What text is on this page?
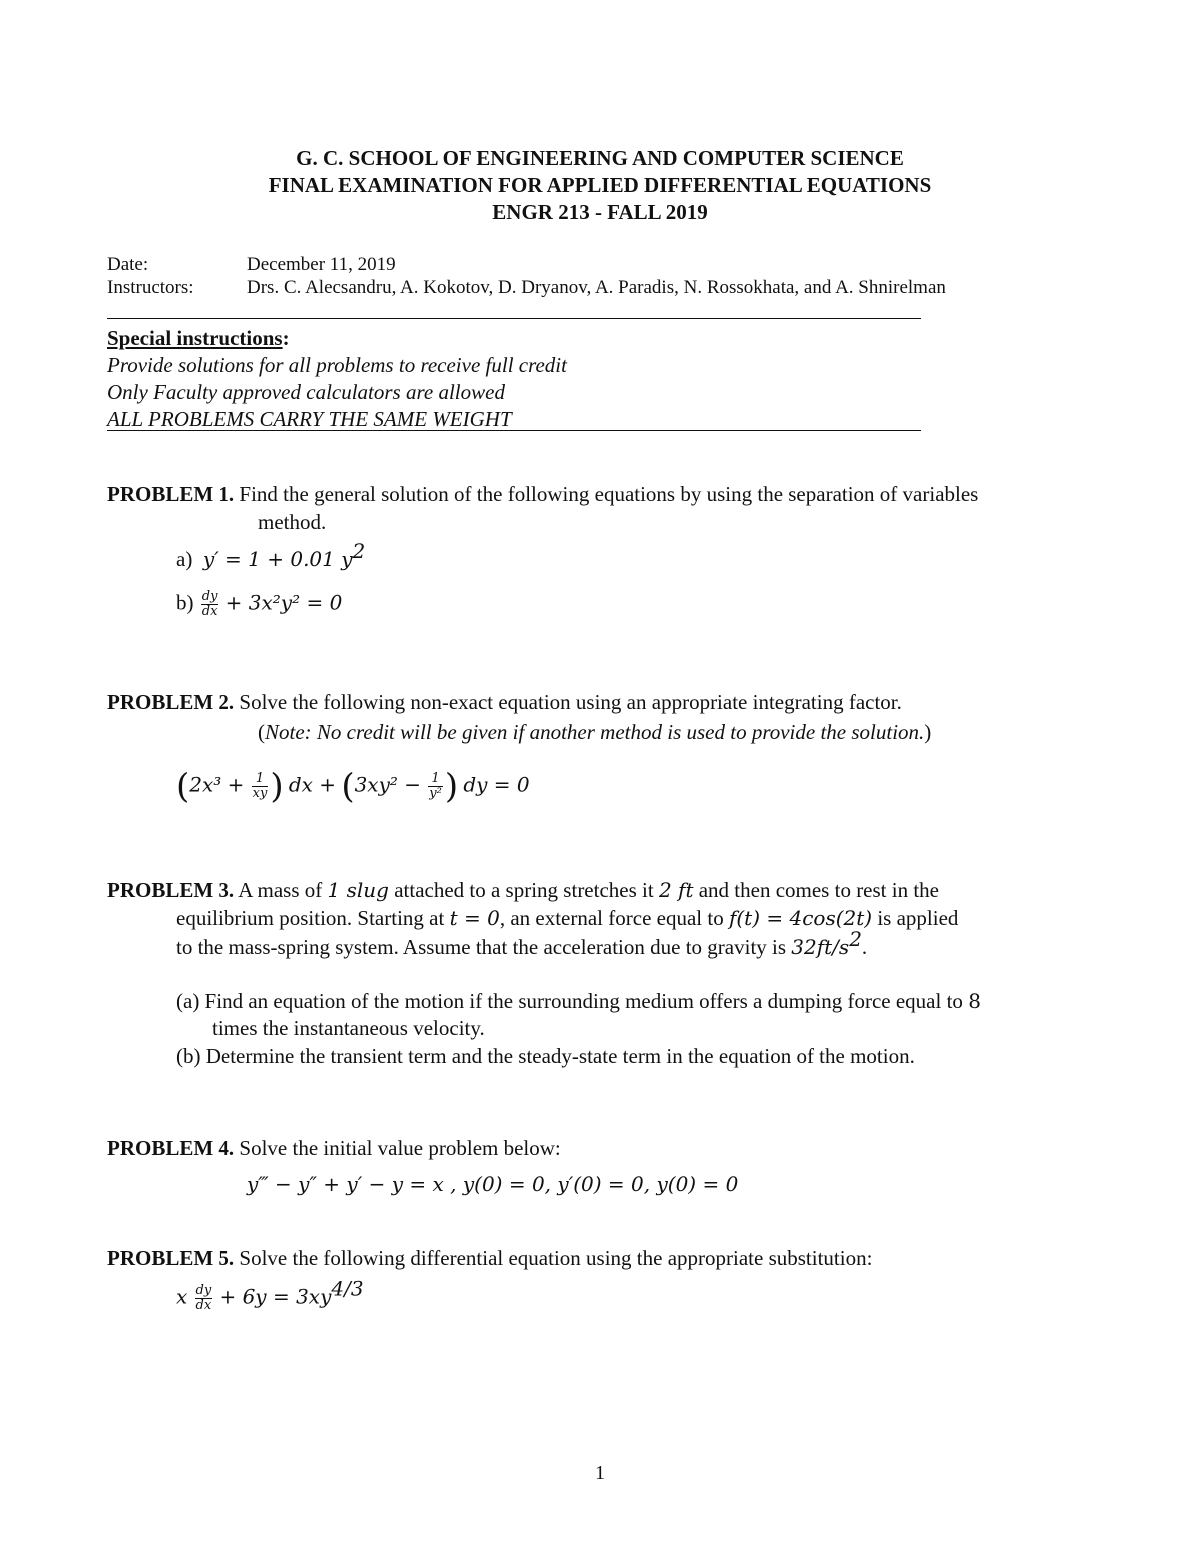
G. C. SCHOOL OF ENGINEERING AND COMPUTER SCIENCE
FINAL EXAMINATION FOR APPLIED DIFFERENTIAL EQUATIONS
ENGR 213 - FALL 2019
Date:	December 11, 2019
Instructors:	Drs. C. Alecsandru, A. Kokotov, D. Dryanov, A. Paradis, N. Rossokhata, and A. Shnirelman
Special instructions:
Provide solutions for all problems to receive full credit
Only Faculty approved calculators are allowed
ALL PROBLEMS CARRY THE SAME WEIGHT
PROBLEM 1. Find the general solution of the following equations by using the separation of variables
method.
a) y′ = 1 + 0.01 $y^2$
$b) \frac{dy}{dx} + 3x^2y^2 = 0$
PROBLEM 2. Solve the following non-exact equation using an appropriate integrating factor.
(Note: No credit will be given if another method is used to provide the solution.)
($2x^3 + \frac{1}{xy}$ ) dx + ($3xy^2 - \frac{1}{\text{y²}}$ ) dy = 0
PROBLEM 3. A mass of 1 slug attached to a spring stretches it 2 ft and then comes to rest in the
equilibrium position. Starting at t = 0, an external force equal to f(t) = 4cos(2t) is applied
to the mass-spring system. Assume that the acceleration due to gravity is $32ft/s^2$.
(a) Find an equation of the motion if the surrounding medium offers a dumping force equal to 8
times the instantaneous velocity.
(b) Determine the transient term and the steady-state term in the equation of the motion.
PROBLEM 4. Solve the initial value problem below:
y‴ − y″ + y′ − y = x , y(0) = 0, y′(0) = 0, y(0) = 0
PROBLEM 5. Solve the following differential equation using the appropriate substitution:
x $\frac{dy}{dx} + 6y = 3xy^{4/3}$
1
